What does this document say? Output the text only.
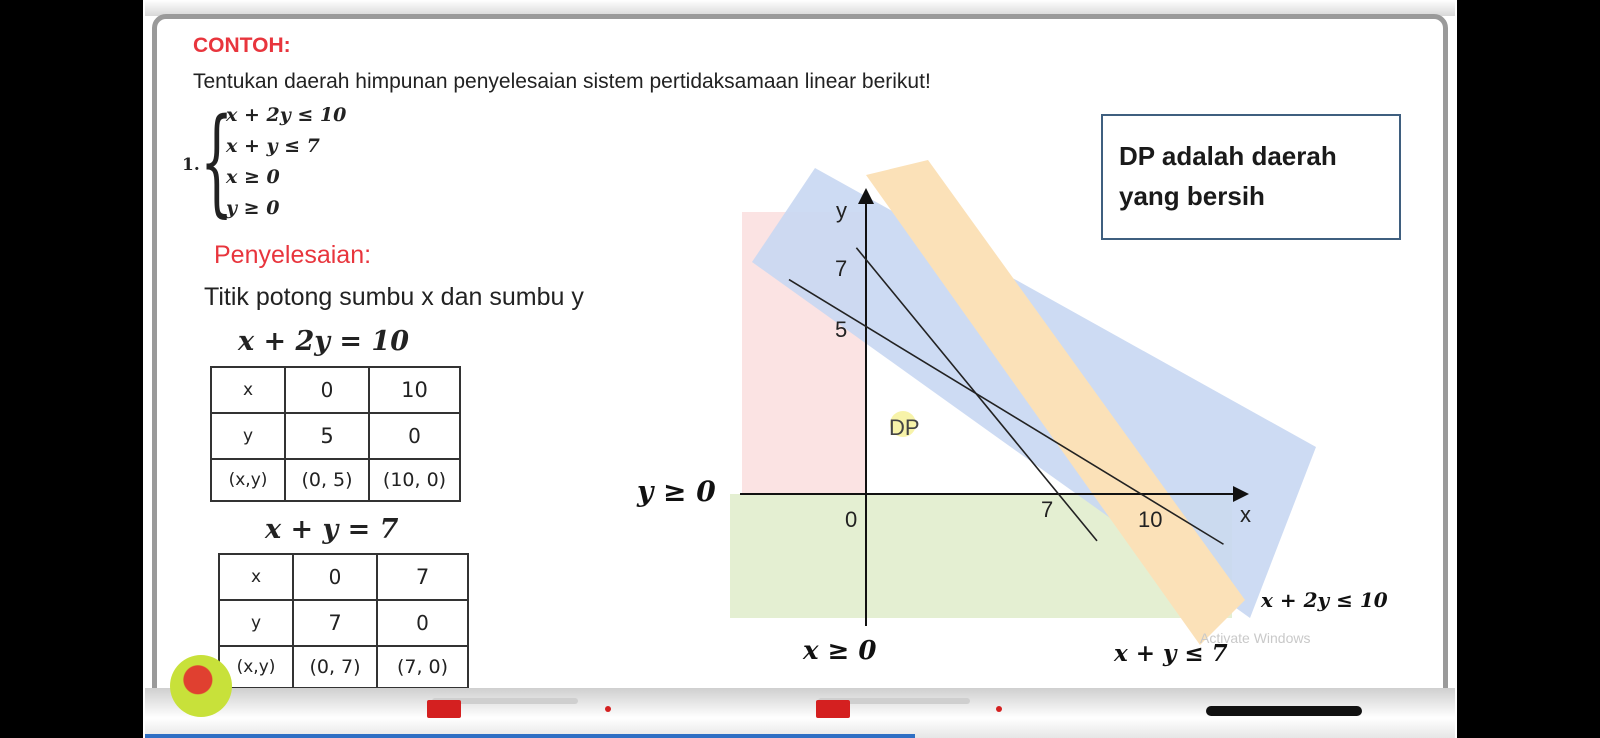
CONTOH:
Tentukan daerah himpunan penyelesaian sistem pertidaksamaan linear berikut!
1. {
x + 2y ≤ 10
x + y ≤ 7
x ≥ 0
y ≥ 0
Penyelesaian:
Titik potong sumbu x dan sumbu y
x + 2y = 10
x	0	10
y	5	0
(x,y)	(0, 5)	(10, 0)
x + y = 7
x	0	7
y	7	0
(x,y)	(0, 7)	(7, 0)
7
5
7	10
0	x
y
DP
y ≥ 0
x ≥ 0
x + 2y ≤ 10
x + y ≤ 7
Activate Windows
DP adalah daerah yang bersih
